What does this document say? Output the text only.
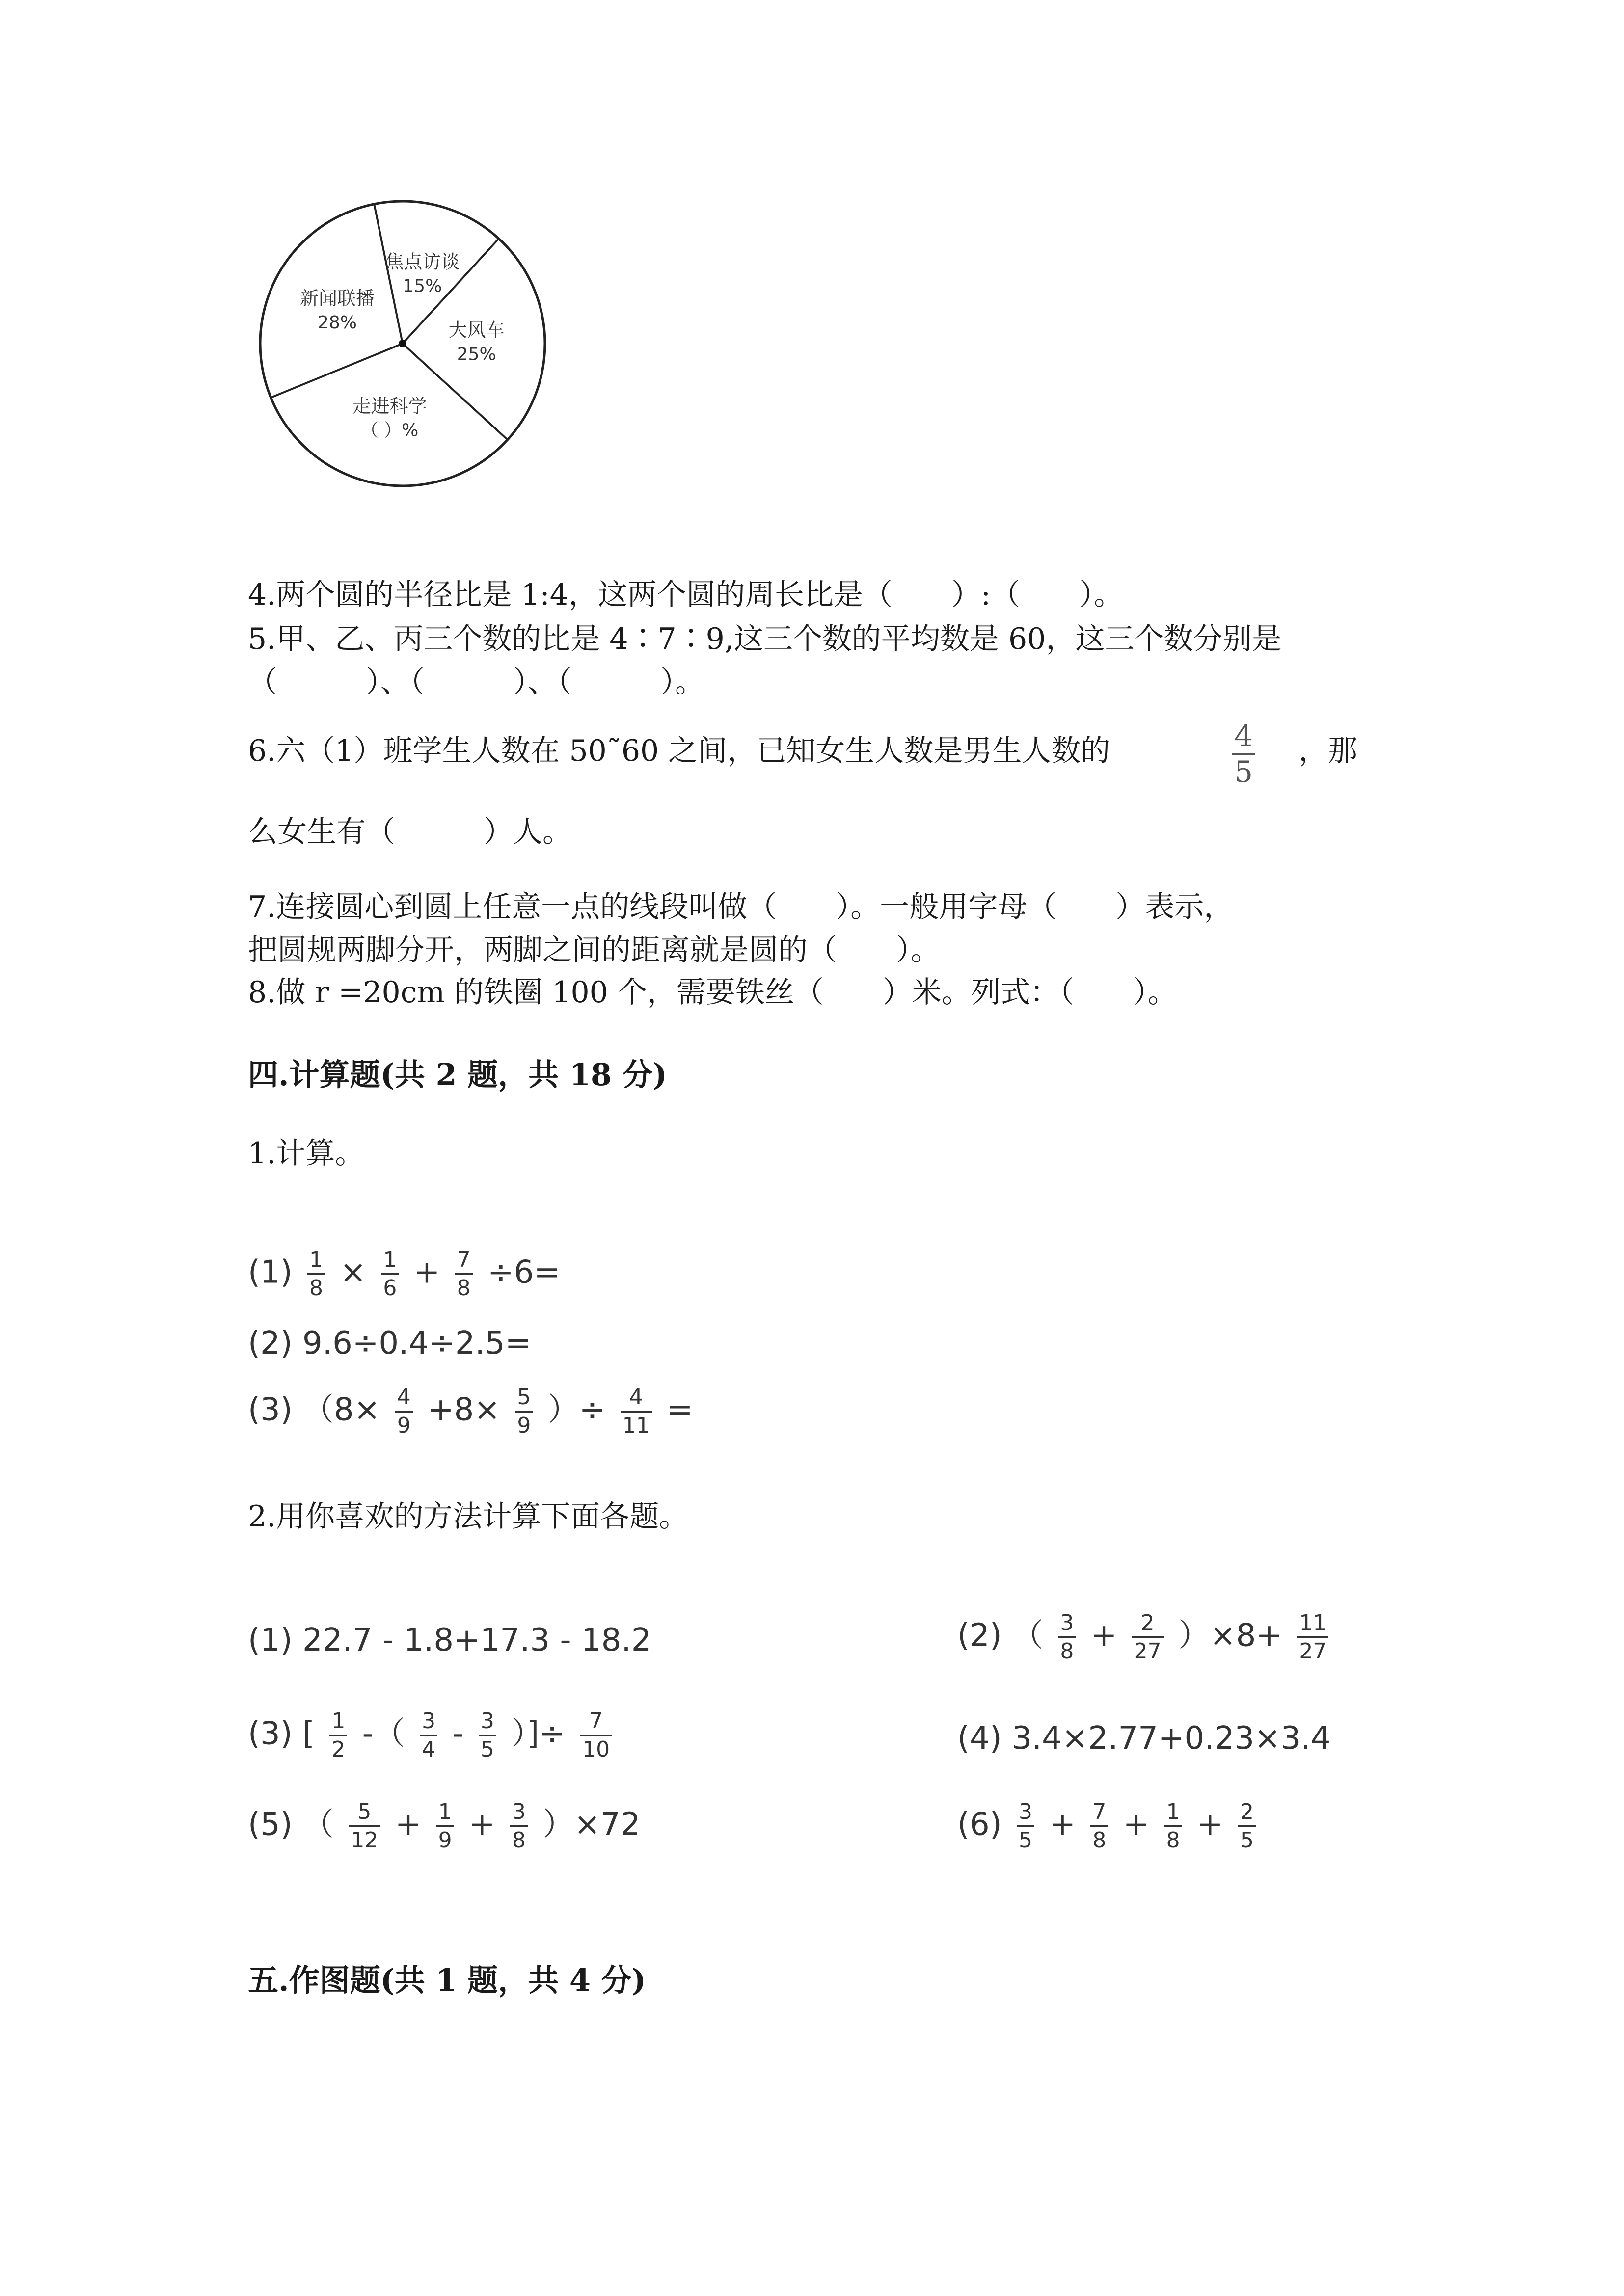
新闻联播
28%
焦点访谈
15%
大风车
25%
走进科学
（ ）%
4.两个圆的半径比是 1:4，这两个圆的周长比是（　　）:（　　）。
5.甲、乙、丙三个数的比是 4∶7∶9,这三个数的平均数是 60，这三个数分别是
（　　　）、（　　　）、（　　　）。
6.六（1）班学生人数在 50˜60 之间，已知女生人数是男生人数的	$\frac{4}{5}$ ，那
么女生有（　　　）人。
7.连接圆心到圆上任意一点的线段叫做（　　）。一般用字母（　　）表示，
把圆规两脚分开，两脚之间的距离就是圆的（　　）。
8.做 r =20cm 的铁圈 100 个，需要铁丝（　　）米。列式：（　　）。
四.计算题(共 2 题，共 18 分)
1.计算。
$(1) \frac{1}{8} \times \frac{1}{6} + \frac{7}{8} \div 6=$
(2) 9.6÷0.4÷2.5=
(3) （$8\times \frac{4}{9} +8\times \frac{5}{9}$ ）÷ $\frac{4}{11}$ =
2.用你喜欢的方法计算下面各题。
(1) 22.7 - 1.8+17.3 - 18.2	(2) （ $\frac{3}{8} + \frac{2}{27} )\times 8+ \frac{11}{27}$
(3) [ $\frac{1}{2}$ -（ $\frac{3}{4} - \frac{3}{5}$ ）]÷ $\frac{7}{10}$	(4) 3.4×2.77+0.23×3.4
(5) （ $\frac{5}{12} + \frac{1}{9} + \frac{3}{8} )\times 72$	$(6) \frac{3}{5} + \frac{7}{8} + \frac{1}{8} + \frac{2}{5}$
五.作图题(共 1 题，共 4 分)
